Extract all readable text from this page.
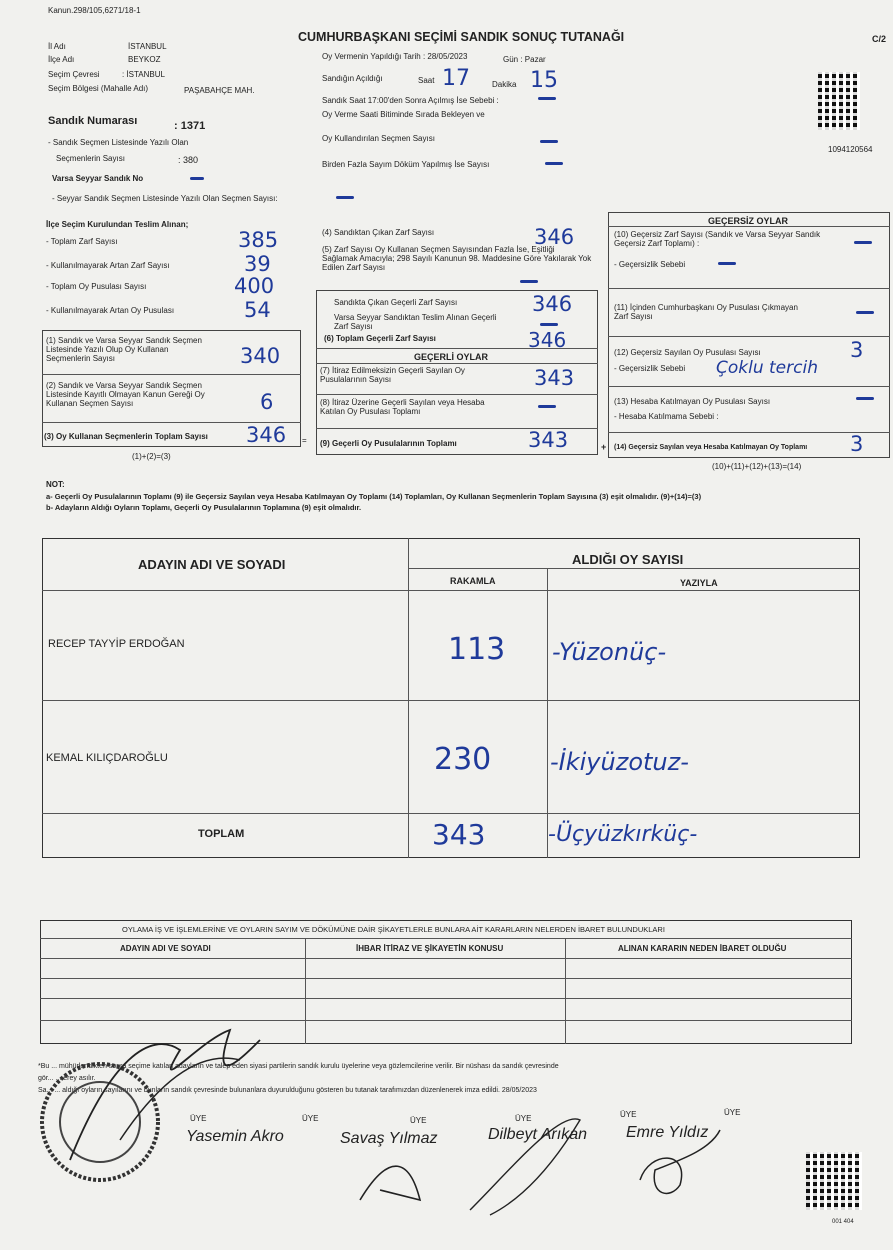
Kanun.298/105,6271/18-1
CUMHURBAŞKANI SEÇİMİ SANDIK SONUÇ TUTANAĞI	C/2
İl Adı	İSTANBUL
İlçe Adı	BEYKOZ
Seçim Çevresi	: İSTANBUL
Seçim Bölgesi (Mahalle Adı)	PAŞABAHÇE MAH.
Oy Vermenin Yapıldığı Tarih : 28/05/2023	Gün : Pazar
Sandığın Açıldığı	Saat 17	Dakika 15
Sandık Saat 17:00'den Sonra Açılmış İse Sebebi :
Oy Verme Saati Bitiminde Sırada Bekleyen ve
Oy Kullandırılan Seçmen Sayısı
Birden Fazla Sayım Döküm Yapılmış İse Sayısı
Sandık Numarası	: 1371
- Sandık Seçmen Listesinde Yazılı Olan
Seçmenlerin Sayısı	: 380
Varsa Seyyar Sandık No
- Seyyar Sandık Seçmen Listesinde Yazılı Olan Seçmen Sayısı:
1094120564
001 404
İlçe Seçim Kurulundan Teslim Alınan;
- Toplam Zarf Sayısı	385
- Kullanılmayarak Artan Zarf Sayısı	39
- Toplam Oy Pusulası Sayısı	400
- Kullanılmayarak Artan Oy Pusulası	54
(1) Sandık ve Varsa Seyyar Sandık Seçmen Listesinde Yazılı Olup Oy Kullanan Seçmenlerin Sayısı	340
(2) Sandık ve Varsa Seyyar Sandık Seçmen Listesinde Kayıtlı Olmayan Kanun Gereği Oy Kullanan Seçmen Sayısı	6
(3) Oy Kullanan Seçmenlerin Toplam Sayısı 346 =
(1)+(2)=(3)
(4) Sandıktan Çıkan Zarf Sayısı	346
(5) Zarf Sayısı Oy Kullanan Seçmen Sayısından Fazla İse, Eşitliği Sağlamak Amacıyla; 298 Sayılı Kanunun 98. Maddesine Göre Yakılarak Yok Edilen Zarf Sayısı
Sandıkta Çıkan Geçerli Zarf Sayısı	346
Varsa Seyyar Sandıktan Teslim Alınan Geçerli Zarf Sayısı
(6) Toplam Geçerli Zarf Sayısı	346
GEÇERLİ OYLAR
(7) İtiraz Edilmeksizin Geçerli Sayılan Oy Pusulalarının Sayısı	343
(8) İtiraz Üzerine Geçerli Sayılan veya Hesaba Katılan Oy Pusulası Toplamı
(9) Geçerli Oy Pusulalarının Toplamı	343	+
GEÇERSİZ OYLAR
(10) Geçersiz Zarf Sayısı (Sandık ve Varsa Seyyar Sandık Geçersiz Zarf Toplamı) :
- Geçersizlik Sebebi
(11) İçinden Cumhurbaşkanı Oy Pusulası Çıkmayan Zarf Sayısı
(12) Geçersiz Sayılan Oy Pusulası Sayısı	3
- Geçersizlik Sebebi Çoklu tercih
(13) Hesaba Katılmayan Oy Pusulası Sayısı
- Hesaba Katılmama Sebebi :
(14) Geçersiz Sayılan veya Hesaba Katılmayan Oy Toplamı 3
(10)+(11)+(12)+(13)=(14)
NOT:
a- Geçerli Oy Pusulalarının Toplamı (9) ile Geçersiz Sayılan veya Hesaba Katılmayan Oy Toplamı (14) Toplamları, Oy Kullanan Seçmenlerin Toplam Sayısına (3) eşit olmalıdır. (9)+(14)=(3)
b- Adayların Aldığı Oyların Toplamı, Geçerli Oy Pusulalarının Toplamına (9) eşit olmalıdır.
ADAYIN ADI VE SOYADI	ALDIĞI OY SAYISI
RAKAMLA	YAZIYLA
RECEP TAYYİP ERDOĞAN	113 -Yüzonüç-
KEMAL KILIÇDAROĞLU	230 -İkiyüzotuz-
TOPLAM	343	-Üçyüzkırküç-
OYLAMA İŞ VE İŞLEMLERİNE VE OYLARIN SAYIM VE DÖKÜMÜNE DAİR ŞİKAYETLERLE BUNLARA AİT KARARLARIN NELERDEN İBARET BULUNDUKLARI
ADAYIN ADI VE SOYADI	İHBAR İTİRAZ VE ŞİKAYETİN KONUSU	ALINAN KARARIN NEDEN İBARET OLDUĞU
*Bu ... mühürlendikten sonra seçime katılan adayların ve talep eden siyasi partilerin sandık kurulu üyelerine veya gözlemcilerine verilir. Bir nüshası da sandık çevresinde
gör... ... erey asılır.
Sa... ... aldığı oyların sayılarını ve bunların sandık çevresinde bulunanlara duyurulduğunu gösteren bu tutanak tarafımızdan düzenlenerek imza edildi. 28/05/2023
ÜYE	ÜYE	ÜYE	ÜYE	ÜYE	ÜYE
Yasemin Akro	Savaş Yılmaz	Dilbeyt Arıkan Emre Yıldız
